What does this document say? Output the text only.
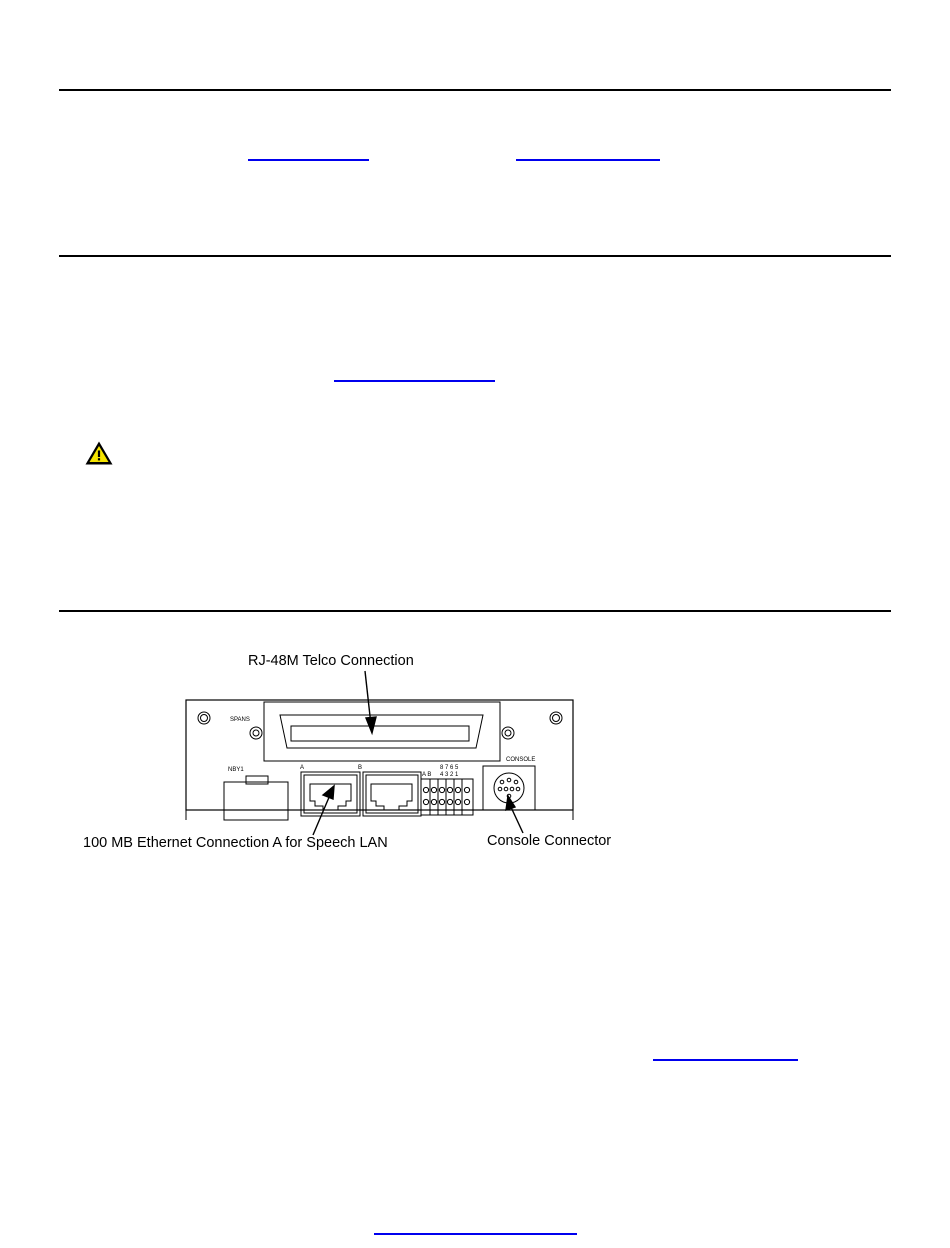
RJ-48M Telco Connection
100 MB Ethernet Connection A for Speech LAN	Console Connector
SPANS
NBY1	A	B	8 7 6 5
4 3 2 1
A B
CONSOLE
